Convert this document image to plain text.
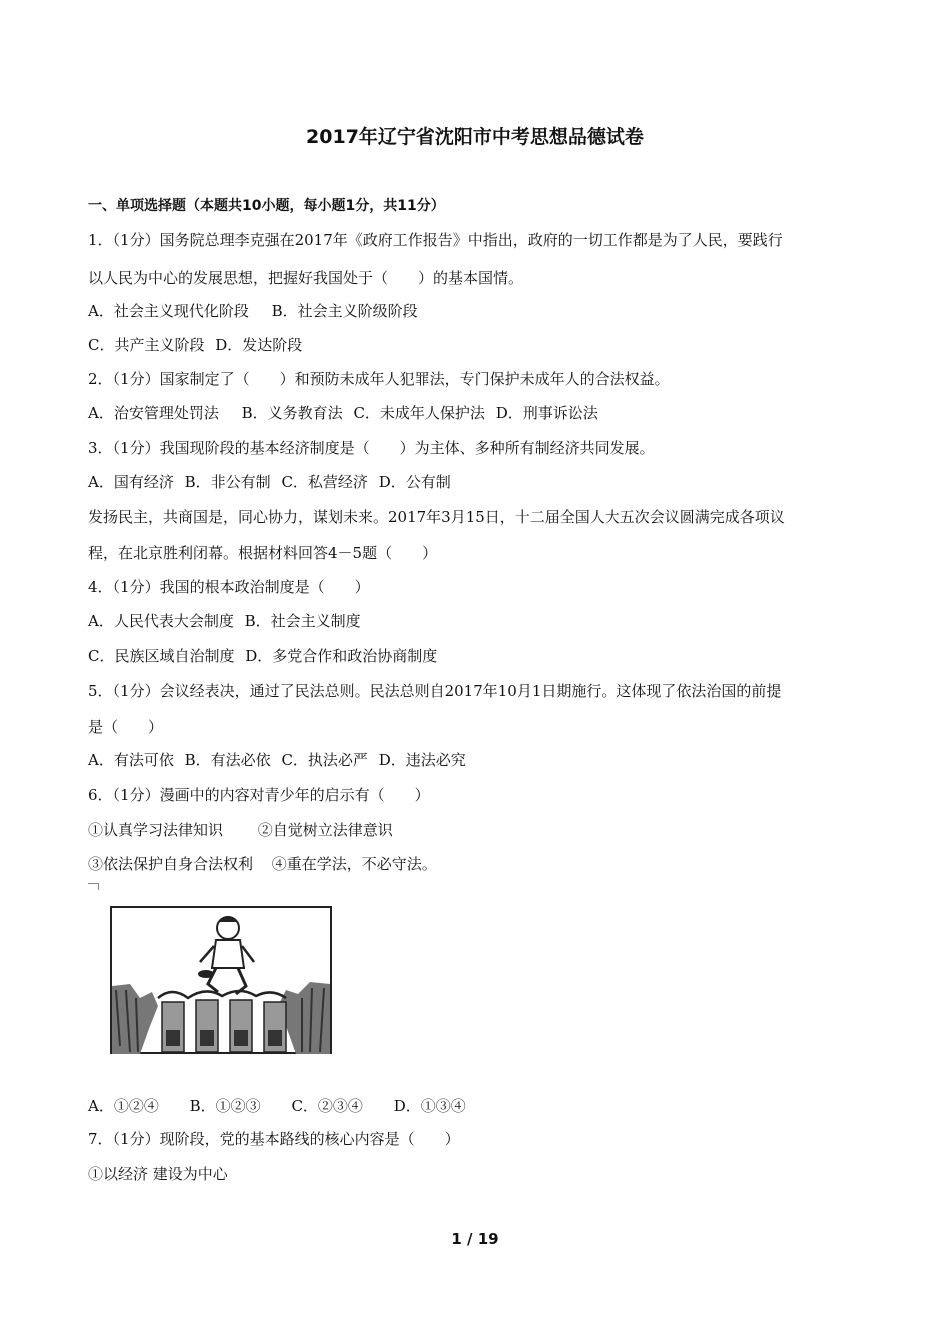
2017年辽宁省沈阳市中考思想品德试卷
一、单项选择题（本题共10小题，每小题1分，共11分）
1．（1分）国务院总理李克强在2017年《政府工作报告》中指出，政府的一切工作都是为了人民，要践行
以人民为中心的发展思想，把握好我国处于（　　）的基本国情。
A．社会主义现代化阶段 B．社会主义阶级阶段
C．共产主义阶段 D．发达阶段
2．（1分）国家制定了（　　）和预防未成年人犯罪法，专门保护未成年人的合法权益。
A．治安管理处罚法 B．义务教育法 C．未成年人保护法 D．刑事诉讼法
3．（1分）我国现阶段的基本经济制度是（　　）为主体、多种所有制经济共同发展。
A．国有经济 B．非公有制 C．私营经济 D．公有制
发扬民主，共商国是，同心协力，谋划未来。2017年3月15日，十二届全国人大五次会议圆满完成各项议
程，在北京胜利闭幕。根据材料回答4－5题（　　）
4．（1分）我国的根本政治制度是（　　）
A．人民代表大会制度 B．社会主义制度
C．民族区域自治制度 D．多党合作和政治协商制度
5．（1分）会议经表决，通过了民法总则。民法总则自2017年10月1日期施行。这体现了依法治国的前提
是（　　）
A．有法可依 B．有法必依 C．执法必严 D．违法必究
6．（1分）漫画中的内容对青少年的启示有（　　）
①认真学习法律知识 ②自觉树立法律意识
③依法保护自身合法权利 ④重在学法，不必守法。
A．①②④ B．①②③ C．②③④ D．①③④
7．（1分）现阶段，党的基本路线的核心内容是（　　）
①以经济 建设为中心
1 / 19
